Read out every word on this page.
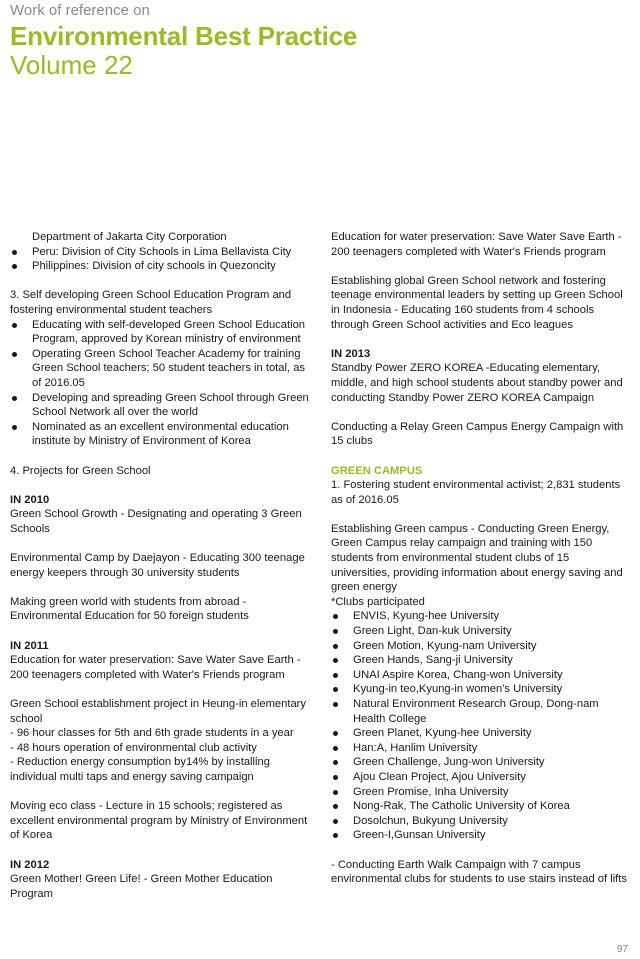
Work of reference on
Environmental Best Practice
Volume 22

Department of Jakarta City Corporation

Peru: Division of City Schools in Lima Bellavista City
Philippines: Division of city schools in Quezoncity

3. Self developing Green School Education Program and fostering environmental student teachers

Educating with self-developed Green School Education Program, approved by Korean ministry of environment
Operating Green School Teacher Academy for training Green School teachers; 50 student teachers in total, as of 2016.05
Developing and spreading Green School through Green School Network all over the world
Nominated as an excellent environmental education institute by Ministry of Environment of Korea

4. Projects for Green School

IN 2010

Green School Growth - Designating and operating 3 Green Schools

Environmental Camp by Daejayon - Educating 300 teenage energy keepers through 30 university students

Making green world with students from abroad - Environmental Education for 50 foreign students

IN 2011

Education for water preservation: Save Water Save Earth - 200 teenagers completed with Water's Friends program

Green School establishment project in Heung-in elementary school

- 96 hour classes for 5th and 6th grade students in a year

- 48 hours operation of environmental club activity

- Reduction energy consumption by14% by installing individual multi taps and energy saving campaign

Moving eco class - Lecture in 15 schools; registered as excellent environmental program by Ministry of Environment of Korea

IN 2012

Green Mother! Green Life! - Green Mother Education Program

Education for water preservation: Save Water Save Earth - 200 teenagers completed with Water's Friends program

Establishing global Green School network and fostering teenage environmental leaders by setting up Green School in Indonesia - Educating 160 students from 4 schools through Green School activities and Eco leagues

IN 2013

Standby Power ZERO KOREA -Educating elementary, middle, and high school students about standby power and conducting Standby Power ZERO KOREA Campaign

Conducting a Relay Green Campus Energy Campaign with 15 clubs

GREEN CAMPUS

1. Fostering student environmental activist; 2,831 students as of 2016.05

Establishing Green campus - Conducting Green Energy, Green Campus relay campaign and training with 150 students from environmental student clubs of 15 universities, providing information about energy saving and green energy

*Clubs participated

ENVIS, Kyung-hee University
Green Light, Dan-kuk University
Green Motion, Kyung-nam University
Green Hands, Sang-ji University
UNAI Aspire Korea, Chang-won University
Kyung-in teo,Kyung-in women's University
Natural Environment Research Group, Dong-nam Health College
Green Planet, Kyung-hee University
Han:A, Hanlim University
Green Challenge, Jung-won University
Ajou Clean Project, Ajou University
Green Promise, Inha University
Nong-Rak, The Catholic University of Korea
Dosolchun, Bukyung University
Green-I,Gunsan University

- Conducting Earth Walk Campaign with 7 campus environmental clubs for students to use stairs instead of lifts

97
